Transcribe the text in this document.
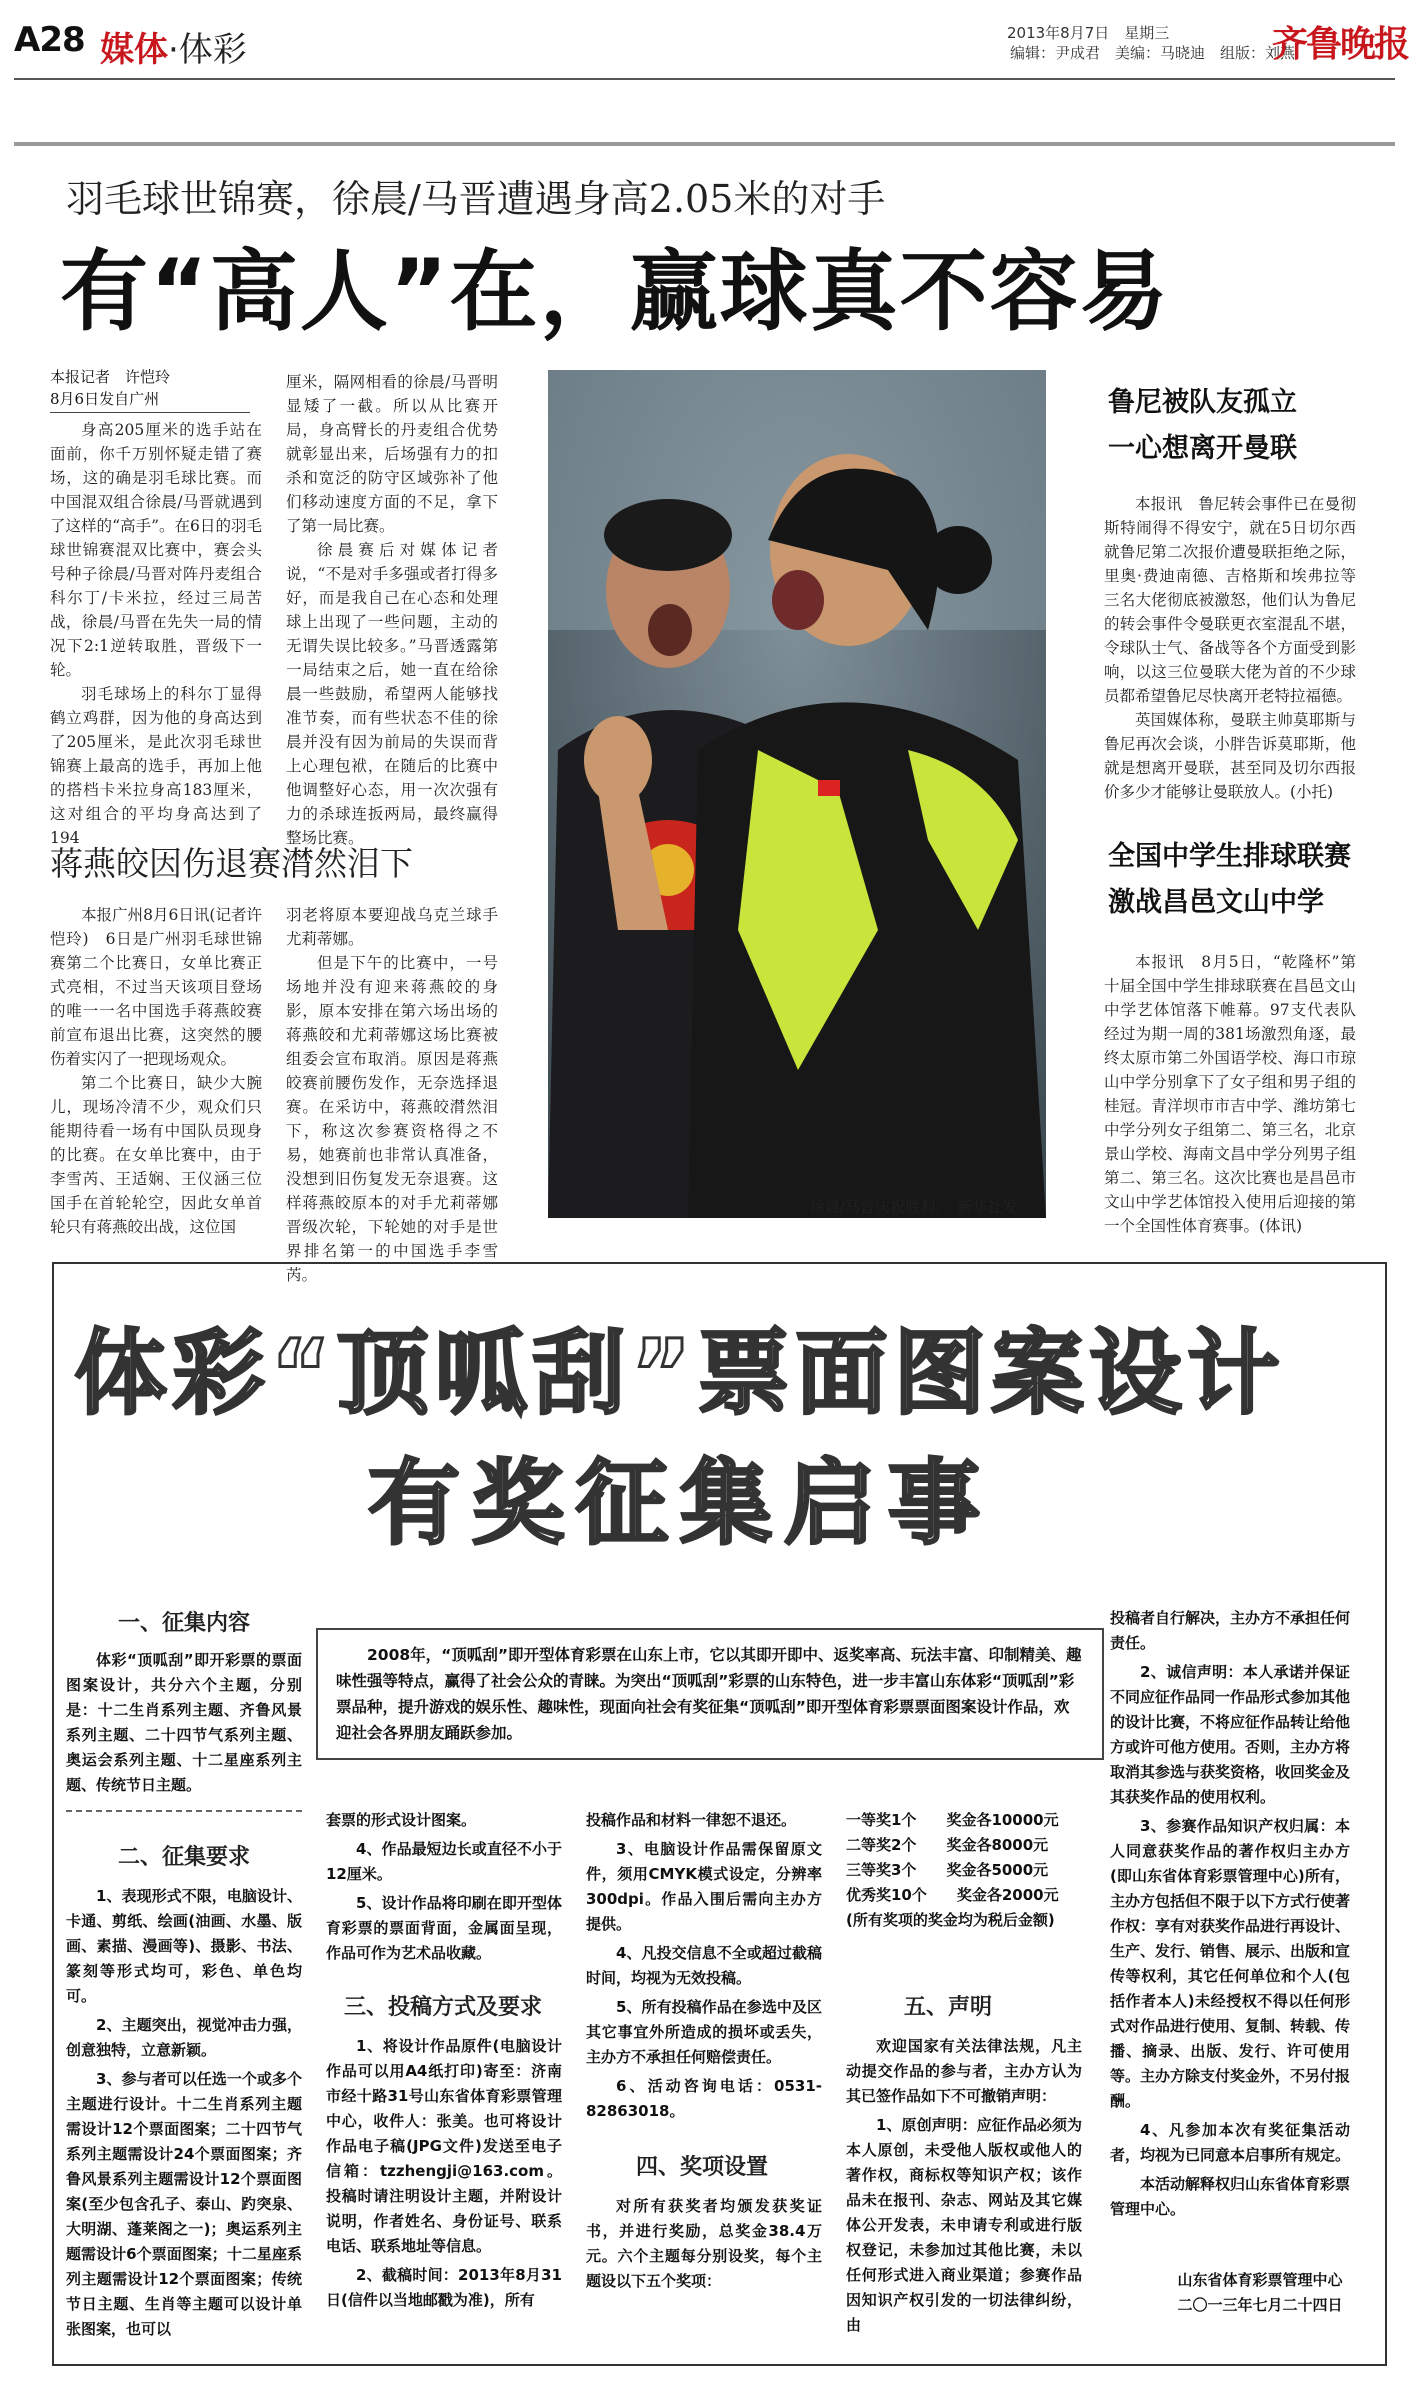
A28 媒体·体彩	2013年8月7日　星期三
编辑：尹成君　美编：马晓迪　组版：刘燕
齐鲁晚报
羽毛球世锦赛，徐晨/马晋遭遇身高2.05米的对手
有“高人”在，赢球真不容易
本报记者　许恺玲
8月6日发自广州

身高205厘米的选手站在面前，你千万别怀疑走错了赛场，这的确是羽毛球比赛。而中国混双组合徐晨/马晋就遇到了这样的“高手”。在6日的羽毛球世锦赛混双比赛中，赛会头号种子徐晨/马晋对阵丹麦组合科尔丁/卡米拉，经过三局苦战，徐晨/马晋在先失一局的情况下2:1逆转取胜，晋级下一轮。

羽毛球场上的科尔丁显得鹤立鸡群，因为他的身高达到了205厘米，是此次羽毛球世锦赛上最高的选手，再加上他的搭档卡米拉身高183厘米，这对组合的平均身高达到了194

厘米，隔网相看的徐晨/马晋明显矮了一截。所以从比赛开局，身高臂长的丹麦组合优势就彰显出来，后场强有力的扣杀和宽泛的防守区域弥补了他们移动速度方面的不足，拿下了第一局比赛。

徐晨赛后对媒体记者说，“不是对手多强或者打得多好，而是我自己在心态和处理球上出现了一些问题，主动的无谓失误比较多。”马晋透露第一局结束之后，她一直在给徐晨一些鼓励，希望两人能够找准节奏，而有些状态不佳的徐晨并没有因为前局的失误而背上心理包袱，在随后的比赛中他调整好心态，用一次次强有力的杀球连扳两局，最终赢得整场比赛。

徐晨/马晋庆祝胜利。　新华社发
蒋燕皎因伤退赛潸然泪下

本报广州8月6日讯(记者许恺玲)　6日是广州羽毛球世锦赛第二个比赛日，女单比赛正式亮相，不过当天该项目登场的唯一一名中国选手蒋燕皎赛前宣布退出比赛，这突然的腰伤着实闪了一把现场观众。

第二个比赛日，缺少大腕儿，现场冷清不少，观众们只能期待看一场有中国队员现身的比赛。在女单比赛中，由于李雪芮、王适娴、王仪涵三位国手在首轮轮空，因此女单首轮只有蒋燕皎出战，这位国

羽老将原本要迎战乌克兰球手尤莉蒂娜。

但是下午的比赛中，一号场地并没有迎来蒋燕皎的身影，原本安排在第六场出场的蒋燕皎和尤莉蒂娜这场比赛被组委会宣布取消。原因是蒋燕皎赛前腰伤发作，无奈选择退赛。在采访中，蒋燕皎潸然泪下，称这次参赛资格得之不易，她赛前也非常认真准备，没想到旧伤复发无奈退赛。这样蒋燕皎原本的对手尤莉蒂娜晋级次轮，下轮她的对手是世界排名第一的中国选手李雪芮。

鲁尼被队友孤立
一心想离开曼联

本报讯　鲁尼转会事件已在曼彻斯特闹得不得安宁，就在5日切尔西就鲁尼第二次报价遭曼联拒绝之际，里奥·费迪南德、吉格斯和埃弗拉等三名大佬彻底被激怒，他们认为鲁尼的转会事件令曼联更衣室混乱不堪，令球队士气、备战等各个方面受到影响，以这三位曼联大佬为首的不少球员都希望鲁尼尽快离开老特拉福德。

英国媒体称，曼联主帅莫耶斯与鲁尼再次会谈，小胖告诉莫耶斯，他就是想离开曼联，甚至同及切尔西报价多少才能够让曼联放人。(小托)

全国中学生排球联赛
激战昌邑文山中学

本报讯　8月5日，“乾隆杯”第十届全国中学生排球联赛在昌邑文山中学艺体馆落下帷幕。97支代表队经过为期一周的381场激烈角逐，最终太原市第二外国语学校、海口市琼山中学分别拿下了女子组和男子组的桂冠。青洋坝市市吉中学、潍坊第七中学分列女子组第二、第三名，北京景山学校、海南文昌中学分列男子组第二、第三名。这次比赛也是昌邑市文山中学艺体馆投入使用后迎接的第一个全国性体育赛事。(体讯)

体彩“顶呱刮”票面图案设计
有奖征集启事
2008年，“顶呱刮”即开型体育彩票在山东上市，它以其即开即中、返奖率高、玩法丰富、印制精美、趣味性强等特点，赢得了社会公众的青睐。为突出“顶呱刮”彩票的山东特色，进一步丰富山东体彩“顶呱刮”彩票品种，提升游戏的娱乐性、趣味性，现面向社会有奖征集“顶呱刮”即开型体育彩票票面图案设计作品，欢迎社会各界朋友踊跃参加。
一、征集内容

体彩“顶呱刮”即开彩票的票面图案设计，共分六个主题，分别是：十二生肖系列主题、齐鲁风景系列主题、二十四节气系列主题、奥运会系列主题、十二星座系列主题、传统节日主题。

二、征集要求

1、表现形式不限，电脑设计、卡通、剪纸、绘画(油画、水墨、版画、素描、漫画等)、摄影、书法、篆刻等形式均可，彩色、单色均可。

2、主题突出，视觉冲击力强，创意独特，立意新颖。

3、参与者可以任选一个或多个主题进行设计。十二生肖系列主题需设计12个票面图案；二十四节气系列主题需设计24个票面图案；齐鲁风景系列主题需设计12个票面图案(至少包含孔子、泰山、趵突泉、大明湖、蓬莱阁之一)；奥运系列主题需设计6个票面图案；十二星座系列主题需设计12个票面图案；传统节日主题、生肖等主题可以设计单张图案，也可以

套票的形式设计图案。

4、作品最短边长或直径不小于12厘米。

5、设计作品将印刷在即开型体育彩票的票面背面，金属面呈现，作品可作为艺术品收藏。

三、投稿方式及要求

1、将设计作品原件(电脑设计作品可以用A4纸打印)寄至：济南市经十路31号山东省体育彩票管理中心，收件人：张美。也可将设计作品电子稿(JPG文件)发送至电子信箱：tzzhengji@163.com。投稿时请注明设计主题，并附设计说明，作者姓名、身份证号、联系电话、联系地址等信息。

2、截稿时间：2013年8月31日(信件以当地邮戳为准)，所有

投稿作品和材料一律恕不退还。

3、电脑设计作品需保留原文件，须用CMYK模式设定，分辨率300dpi。作品入围后需向主办方提供。

4、凡投交信息不全或超过截稿时间，均视为无效投稿。

5、所有投稿作品在参选中及区其它事宜外所造成的损坏或丢失，主办方不承担任何赔偿责任。

6、活动咨询电话：0531-82863018。

四、奖项设置

对所有获奖者均颁发获奖证书，并进行奖励，总奖金38.4万元。六个主题每分别设奖，每个主题设以下五个奖项：

一等奖1个　　奖金各10000元
二等奖2个　　奖金各8000元
三等奖3个　　奖金各5000元
优秀奖10个　　奖金各2000元
(所有奖项的奖金均为税后金额)
五、声明

欢迎国家有关法律法规，凡主动提交作品的参与者，主办方认为其已签作品如下不可撤销声明：

1、原创声明：应征作品必须为本人原创，未受他人版权或他人的著作权，商标权等知识产权；该作品未在报刊、杂志、网站及其它媒体公开发表，未申请专利或进行版权登记，未参加过其他比赛，未以任何形式进入商业渠道；参赛作品因知识产权引发的一切法律纠纷，由

投稿者自行解决，主办方不承担任何责任。

2、诚信声明：本人承诺并保证不同应征作品同一作品形式参加其他的设计比赛，不将应征作品转让给他方或许可他方使用。否则，主办方将取消其参选与获奖资格，收回奖金及其获奖作品的使用权利。

3、参赛作品知识产权归属：本人同意获奖作品的著作权归主办方(即山东省体育彩票管理中心)所有，主办方包括但不限于以下方式行使著作权：享有对获奖作品进行再设计、生产、发行、销售、展示、出版和宣传等权利，其它任何单位和个人(包括作者本人)未经授权不得以任何形式对作品进行使用、复制、转载、传播、摘录、出版、发行、许可使用等。主办方除支付奖金外，不另付报酬。

4、凡参加本次有奖征集活动者，均视为已同意本启事所有规定。

本活动解释权归山东省体育彩票管理中心。

山东省体育彩票管理中心
二〇一三年七月二十四日
